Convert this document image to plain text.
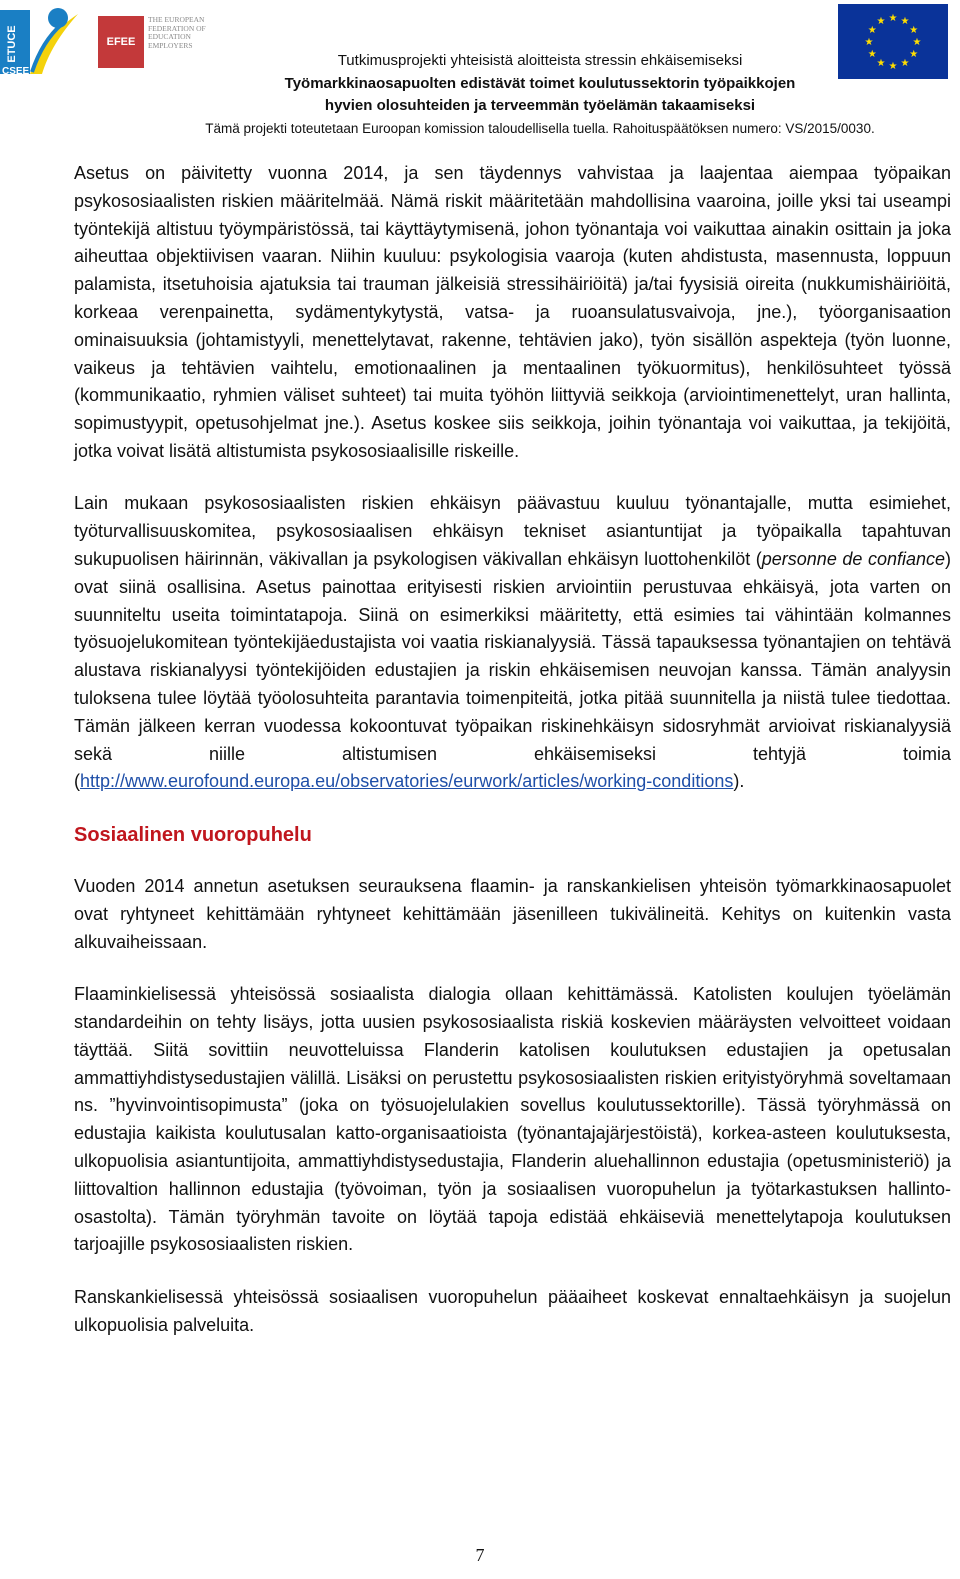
ETUCE
CSEE
EFEE
THE EUROPEAN
FEDERATION OF
EDUCATION
EMPLOYERS
★ ★
★
★
★
★
★
★
★
★
★
★
Tutkimusprojekti yhteisistä aloitteista stressin ehkäisemiseksi
Työmarkkinaosapuolten edistävät toimet koulutussektorin työpaikkojen
hyvien olosuhteiden ja terveemmän työelämän takaamiseksi
Tämä projekti toteutetaan Euroopan komission taloudellisella tuella. Rahoituspäätöksen numero: VS/2015/0030.

Asetus on päivitetty vuonna 2014, ja sen täydennys vahvistaa ja laajentaa aiempaa työpaikan psykososiaalisten riskien määritelmää. Nämä riskit määritetään mahdollisina vaaroina, joille yksi tai useampi työntekijä altistuu työympäristössä, tai käyttäytymisenä, johon työnantaja voi vaikuttaa ainakin osittain ja joka aiheuttaa objektiivisen vaaran. Niihin kuuluu: psykologisia vaaroja (kuten ahdistusta, masennusta, loppuun palamista, itsetuhoisia ajatuksia tai trauman jälkeisiä stressihäiriöitä) ja/tai fyysisiä oireita (nukkumishäiriöitä, korkeaa verenpainetta, sydämentykytystä, vatsa- ja ruoansulatusvaivoja, jne.), työorganisaation ominaisuuksia (johtamistyyli, menettelytavat, rakenne, tehtävien jako), työn sisällön aspekteja (työn luonne, vaikeus ja tehtävien vaihtelu, emotionaalinen ja mentaalinen työkuormitus), henkilösuhteet työssä (kommunikaatio, ryhmien väliset suhteet) tai muita työhön liittyviä seikkoja (arviointimenettelyt, uran hallinta, sopimustyypit, opetusohjelmat jne.). Asetus koskee siis seikkoja, joihin työnantaja voi vaikuttaa, ja tekijöitä, jotka voivat lisätä altistumista psykososiaalisille riskeille.

Lain mukaan psykososiaalisten riskien ehkäisyn päävastuu kuuluu työnantajalle, mutta esimiehet, työturvallisuuskomitea, psykososiaalisen ehkäisyn tekniset asiantuntijat ja työpaikalla tapahtuvan sukupuolisen häirinnän, väkivallan ja psykologisen väkivallan ehkäisyn luottohenkilöt (personne de confiance) ovat siinä osallisina. Asetus painottaa erityisesti riskien arviointiin perustuvaa ehkäisyä, jota varten on suunniteltu useita toimintatapoja. Siinä on esimerkiksi määritetty, että esimies tai vähintään kolmannes työsuojelukomitean työntekijäedustajista voi vaatia riskianalyysiä. Tässä tapauksessa työnantajien on tehtävä alustava riskianalyysi työntekijöiden edustajien ja riskin ehkäisemisen neuvojan kanssa. Tämän analyysin tuloksena tulee löytää työolosuhteita parantavia toimenpiteitä, jotka pitää suunnitella ja niistä tulee tiedottaa. Tämän jälkeen kerran vuodessa kokoontuvat työpaikan riskinehkäisyn sidosryhmät arvioivat riskianalyysiä sekä niille altistumisen ehkäisemiseksi tehtyjä toimia (http://www.eurofound.europa.eu/observatories/eurwork/articles/working-conditions).

Sosiaalinen vuoropuhelu

Vuoden 2014 annetun asetuksen seurauksena flaamin- ja ranskankielisen yhteisön työmarkkinaosapuolet ovat ryhtyneet kehittämään ryhtyneet kehittämään jäsenilleen tukivälineitä. Kehitys on kuitenkin vasta alkuvaiheissaan.

Flaaminkielisessä yhteisössä sosiaalista dialogia ollaan kehittämässä. Katolisten koulujen työelämän standardeihin on tehty lisäys, jotta uusien psykososiaalista riskiä koskevien määräysten velvoitteet voidaan täyttää. Siitä sovittiin neuvotteluissa Flanderin katolisen koulutuksen edustajien ja opetusalan ammattiyhdistysedustajien välillä. Lisäksi on perustettu psykososiaalisten riskien erityistyöryhmä soveltamaan ns. ”hyvinvointisopimusta” (joka on työsuojelulakien sovellus koulutussektorille). Tässä työryhmässä on edustajia kaikista koulutusalan katto-organisaatioista (työnantajajärjestöistä), korkea-asteen koulutuksesta, ulkopuolisia asiantuntijoita, ammattiyhdistysedustajia, Flanderin aluehallinnon edustajia (opetusministeriö) ja liittovaltion hallinnon edustajia (työvoiman, työn ja sosiaalisen vuoropuhelun ja työtarkastuksen hallinto-osastolta). Tämän työryhmän tavoite on löytää tapoja edistää ehkäiseviä menettelytapoja koulutuksen tarjoajille psykososiaalisten riskien.

Ranskankielisessä yhteisössä sosiaalisen vuoropuhelun pääaiheet koskevat ennaltaehkäisyn ja suojelun ulkopuolisia palveluita.

7
